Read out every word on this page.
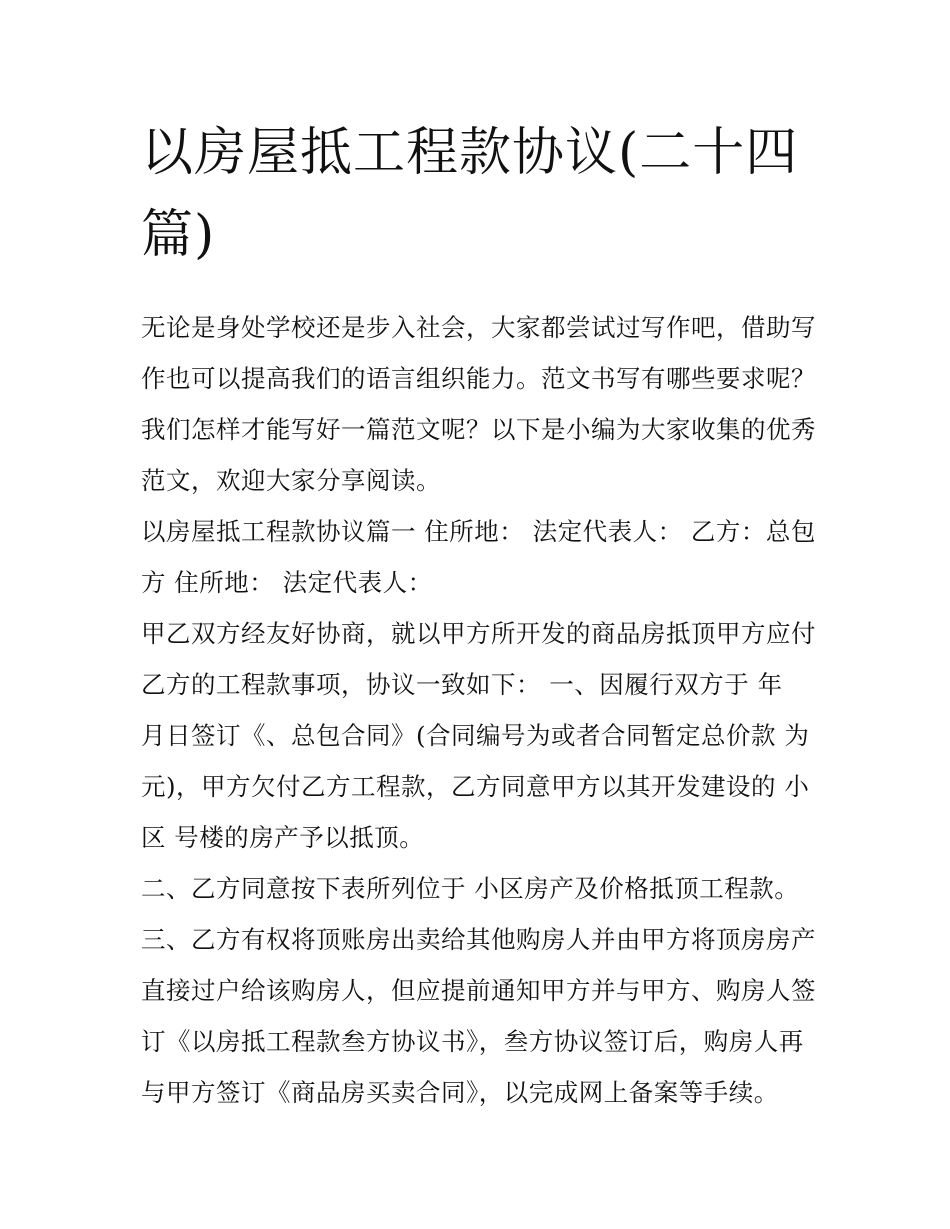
以房屋抵工程款协议(二十四
篇)
无论是身处学校还是步入社会，大家都尝试过写作吧，借助写
作也可以提高我们的语言组织能力。范文书写有哪些要求呢？
我们怎样才能写好一篇范文呢？以下是小编为大家收集的优秀
范文，欢迎大家分享阅读。
以房屋抵工程款协议篇一 住所地： 法定代表人： 乙方：总包
方 住所地： 法定代表人：
甲乙双方经友好协商，就以甲方所开发的商品房抵顶甲方应付
乙方的工程款事项，协议一致如下： 一、因履行双方于 年
月日签订《、总包合同》(合同编号为或者合同暂定总价款 为
元)，甲方欠付乙方工程款，乙方同意甲方以其开发建设的 小
区 号楼的房产予以抵顶。
二、乙方同意按下表所列位于 小区房产及价格抵顶工程款。
三、乙方有权将顶账房出卖给其他购房人并由甲方将顶房房产
直接过户给该购房人，但应提前通知甲方并与甲方、购房人签
订《以房抵工程款叁方协议书》，叁方协议签订后，购房人再
与甲方签订《商品房买卖合同》，以完成网上备案等手续。
